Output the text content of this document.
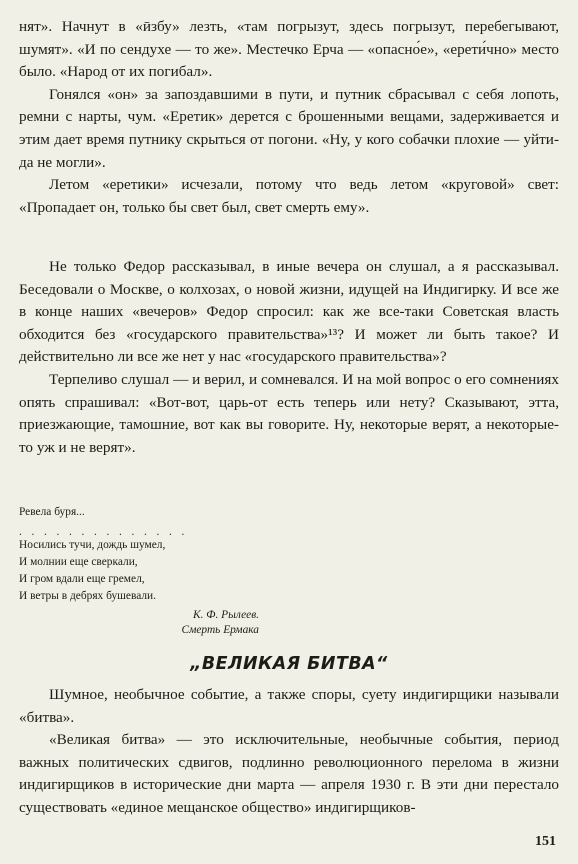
нят». Начнут в «ӣзбу» лезть, «там погрызут, здесь погрызут, перебегывают, шумят». «И по сендухе — то же». Местечко Ерча — «опасно́е», «ерети́чно» место было. «Народ от их погибал».

Гонялся «он» за запоздавшими в пути, и путник сбрасывал с себя лопоть, ремни с нарты, чум. «Еретик» дерется с брошенными вещами, задерживается и этим дает время путнику скрыться от погони. «Ну, у кого собачки плохие — уйти-да не могли».

Летом «еретики» исчезали, потому что ведь летом «круговой» свет: «Пропадает он, только бы свет был, свет смерть ему».

Не только Федор рассказывал, в иные вечера он слушал, а я рассказывал. Беседовали о Москве, о колхозах, о новой жизни, идущей на Индигирку. И все же в конце наших «вечеров» Федор спросил: как же все-таки Советская власть обходится без «государского правительства»¹³? И может ли быть такое? И действительно ли все же нет у нас «государского правительства»?

Терпеливо слушал — и верил, и сомневался. И на мой вопрос о его сомнениях опять спрашивал: «Вот-вот, царь-от есть теперь или нету? Сказывают, этта, приезжающие, тамошние, вот как вы говорите. Ну, некоторые верят, а некоторые-то уж и не верят».

Ревела буря...

. . . . . . . . . . . . . .

Носились тучи, дождь шумел,

И молнии еще сверкали,

И гром вдали еще гремел,

И ветры в дебрях бушевали.

К. Ф. Рылеев.
Смерть Ермака

„ВЕЛИКАЯ БИТВА“

Шумное, необычное событие, а также споры, суету индигирщики называли «битва».

«Великая битва» — это исключительные, необычные события, период важных политических сдвигов, подлинно революционного перелома в жизни индигирщиков в исторические дни марта — апреля 1930 г. В эти дни перестало существовать «единое мещанское общество» индигирщиков-

151
